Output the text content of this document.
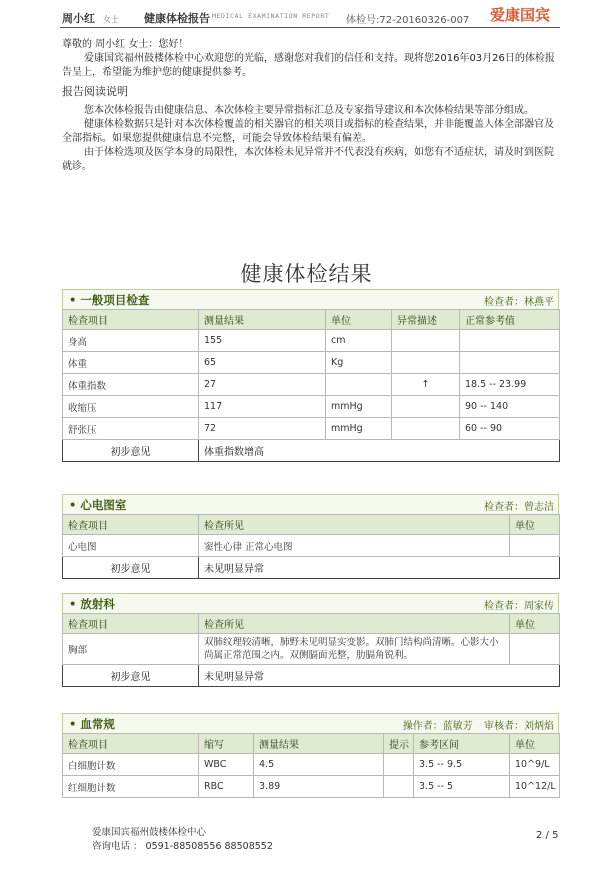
周小红 女士 健康体检报告 MEDICAL EXAMINATION REPORT 体检号:72-20160326-007 爱康国宾

尊敬的 周小红 女士：您好！

爱康国宾福州鼓楼体检中心欢迎您的光临，感谢您对我们的信任和支持。现将您2016年03月26日的体检报告呈上，希望能为维护您的健康提供参考。

报告阅读说明

您本次体检报告由健康信息、本次体检主要异常指标汇总及专家指导建议和本次体检结果等部分组成。

健康体检数据只是针对本次体检覆盖的相关器官的相关项目或指标的检查结果，并非能覆盖人体全部器官及全部指标。如果您提供健康信息不完整，可能会导致体检结果有偏差。

由于体检选项及医学本身的局限性，本次体检未见异常并不代表没有疾病，如您有不适症状，请及时到医院就诊。

健康体检结果
• 一般项目检查	检查者：林燕平
检查项目	测量结果	单位	异常描述	正常参考值
身高	155	cm		
体重	65	Kg		
体重指数	27		↑	18.5 -- 23.99
收缩压	117	mmHg		90 -- 140
舒张压	72	mmHg		60 -- 90
初步意见	体重指数增高			
• 心电图室	检查者：曾志洁
检查项目	检查所见	单位
心电图	窦性心律 正常心电图	
初步意见	未见明显异常	
• 放射科	检查者：周家传
检查项目	检查所见	单位
胸部	双肺纹理较清晰，肺野未见明显实变影。双肺门结构尚清晰。心影大小尚属正常范围之内。双侧膈面光整，肋膈角锐利。	
初步意见	未见明显异常	
• 血常规	操作者：蓝敏芳 审核者：刘炳焰
检查项目	缩写	测量结果	提示	参考区间	单位
白细胞计数	WBC	4.5		3.5 -- 9.5	10^9/L
红细胞计数	RBC	3.89		3.5 -- 5	10^12/L
爱康国宾福州鼓楼体检中心
咨询电话 ： 0591-88508556 88508552
2 / 5
